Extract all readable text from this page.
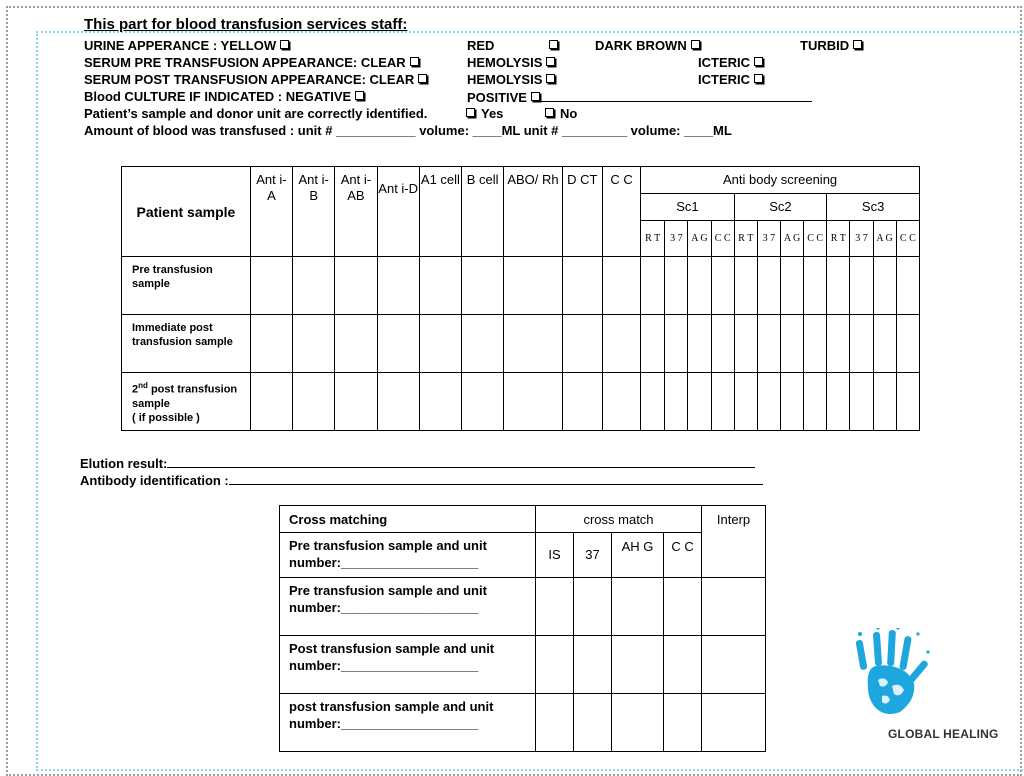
This part for blood transfusion services staff:
URINE APPERANCE : YELLOW	RED	DARK BROWN	TURBID
SERUM PRE TRANSFUSION APPEARANCE: CLEAR	HEMOLYSIS	ICTERIC
SERUM POST TRANSFUSION APPEARANCE: CLEAR	HEMOLYSIS	ICTERIC
Blood CULTURE IF INDICATED : NEGATIVE	POSITIVE
Patient’s sample and donor unit are correctly identified.	Yes	No
Amount of blood was transfused : unit # ___________ volume: ____ML unit # _________ volume: ____ML
Patient sample	Ant i- A	Ant i- B	Ant i- AB	Ant i-D	A1 cell	B cell	ABO/ Rh	D CT	C C	Anti body screening											
										Sc1				Sc2				Sc3			
										R T	3 7	A G	C C	R T	3 7	A G	C C	R T	3 7	A G	C C
Pre transfusion sample																					
Immediate post transfusion sample																					
2nd post transfusion sample
( if possible )																					
Elution result:
Antibody identification :
Cross matching	cross match				Interp
Pre transfusion sample and unit number:___________________	IS	37	AH G	C C	
Pre transfusion sample and unit number:___________________					
Post transfusion sample and unit number:___________________					
post transfusion sample and unit number:___________________					
GLOBAL HEALING
